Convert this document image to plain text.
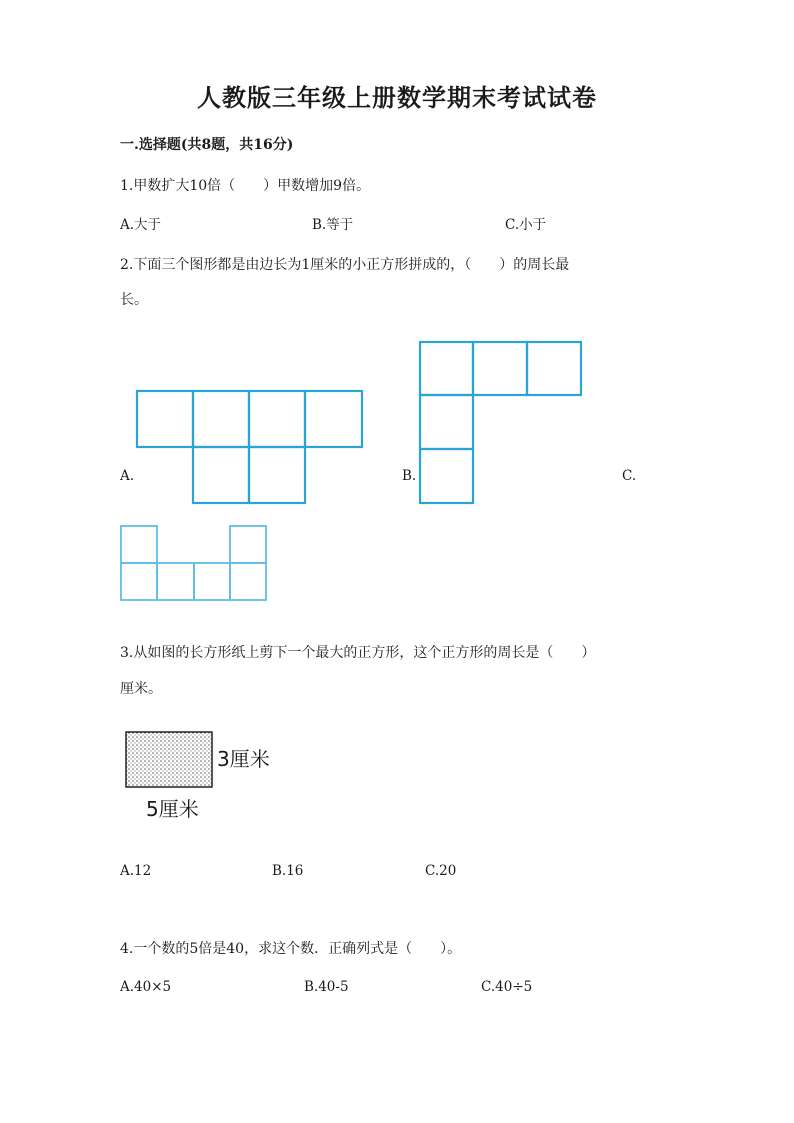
人教版三年级上册数学期末考试试卷
一.选择题(共8题，共16分)
1.甲数扩大10倍（　　）甲数增加9倍。
A.大于	B.等于	C.小于
2.下面三个图形都是由边长为1厘米的小正方形拼成的，（　　）的周长最
长。
A.	B.	C.
3.从如图的长方形纸上剪下一个最大的正方形，这个正方形的周长是（　　）
厘米。
3厘米
5厘米
A.12	B.16	C.20
4.一个数的5倍是40，求这个数．正确列式是（　　）。
A.40×5	B.40-5	C.40÷5
